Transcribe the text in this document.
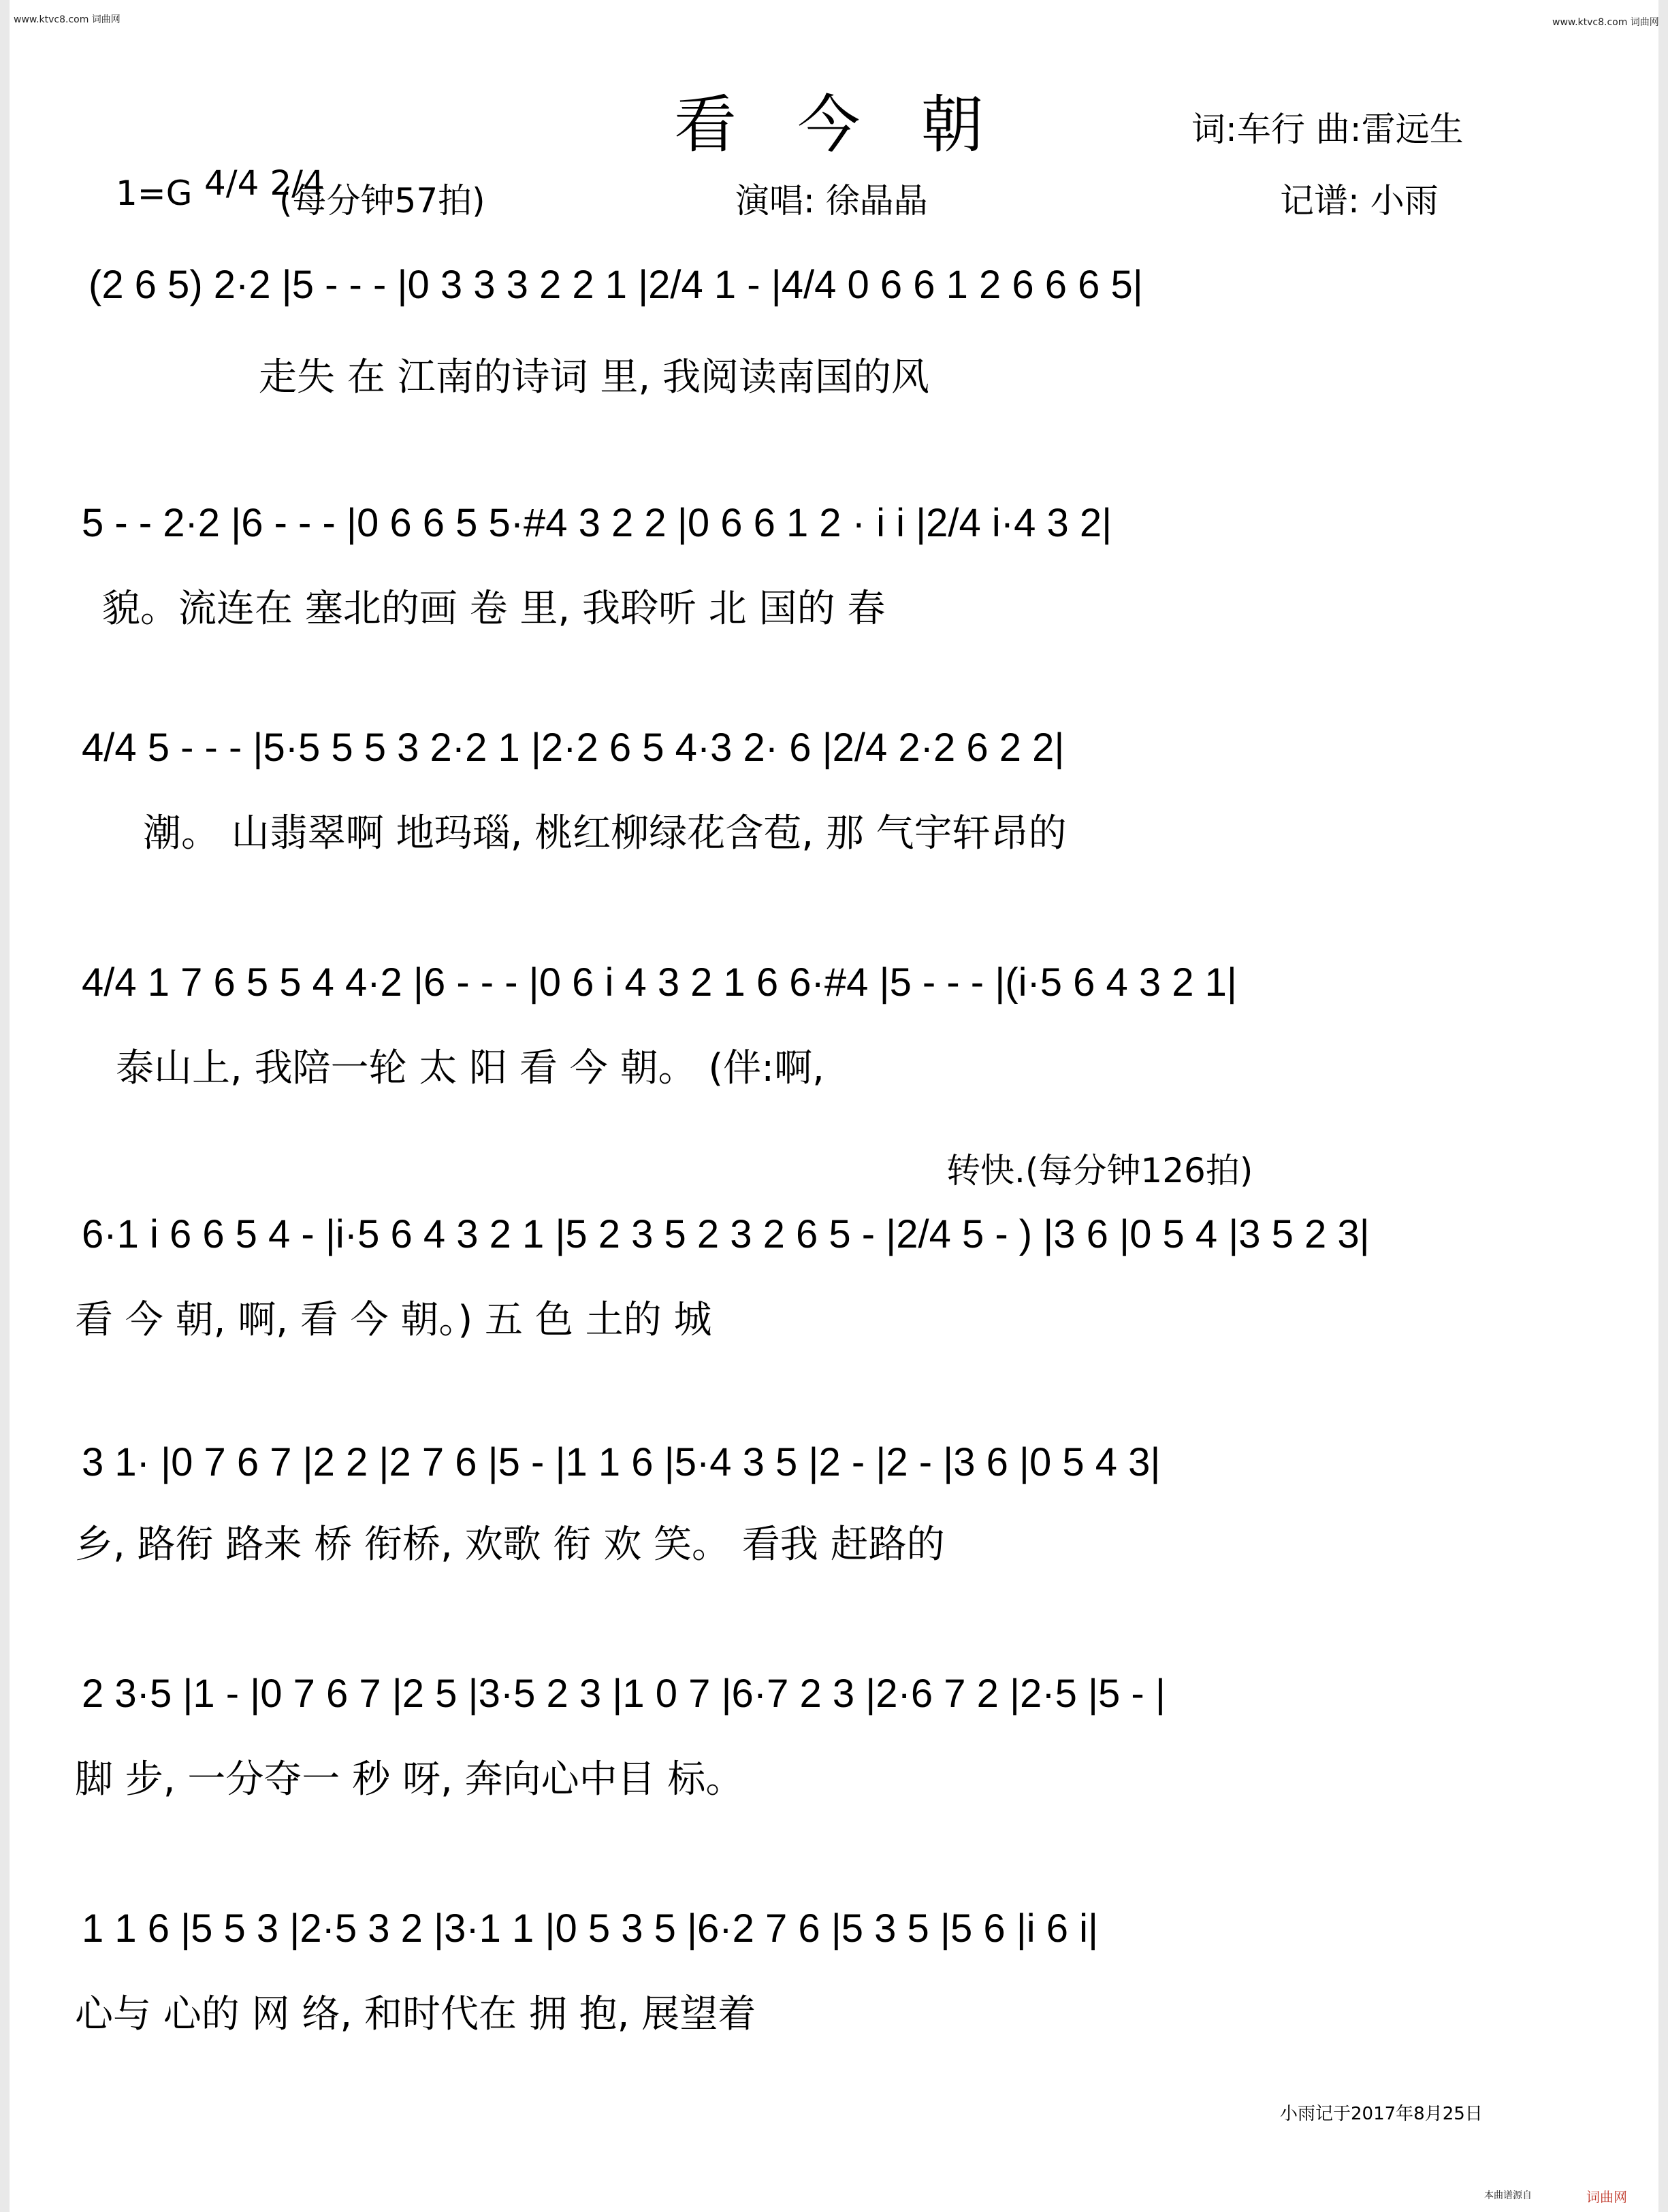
www.ktvc8.com 词曲网	www.ktvc8.com 词曲网
看 今 朝	词:车行 曲:雷远生
1=G 4/4 2/4
(每分钟57拍)	演唱: 徐晶晶	记谱: 小雨
(2 6 5) 2·2 |5 - - - |0 3 3 3 2 2 1 |2/4 1 - |4/4 0 6 6 1 2 6 6 6 5|
走失 在 江南的诗词 里, 我阅读南国的风
5 - - 2·2 |6 - - - |0 6 6 5 5·#4 3 2 2 |0 6 6 1 2 · i i |2/4 i·4 3 2|
貌。流连在 塞北的画 卷 里, 我聆听 北 国的 春
4/4 5 - - - |5·5 5 5 3 2·2 1 |2·2 6 5 4·3 2· 6 |2/4 2·2 6 2 2|
潮。 山翡翠啊 地玛瑙, 桃红柳绿花含苞, 那 气宇轩昂的
4/4 1 7 6 5 5 4 4·2 |6 - - - |0 6 i 4 3 2 1 6 6·#4 |5 - - - |(i·5 6 4 3 2 1|
泰山上, 我陪一轮 太 阳 看 今 朝。 (伴:啊,
转快.(每分钟126拍)
6·1 i 6 6 5 4 - |i·5 6 4 3 2 1 |5 2 3 5 2 3 2 6 5 - |2/4 5 - ) |3 6 |0 5 4 |3 5 2 3|
看 今 朝, 啊, 看 今 朝。) 五 色 土的 城
3 1· |0 7 6 7 |2 2 |2 7 6 |5 - |1 1 6 |5·4 3 5 |2 - |2 - |3 6 |0 5 4 3|
乡, 路衔 路来 桥 衔桥, 欢歌 衔 欢 笑。 看我 赶路的
2 3·5 |1 - |0 7 6 7 |2 5 |3·5 2 3 |1 0 7 |6·7 2 3 |2·6 7 2 |2·5 |5 - |
脚 步, 一分夺一 秒 呀, 奔向心中目 标。
1 1 6 |5 5 3 |2·5 3 2 |3·1 1 |0 5 3 5 |6·2 7 6 |5 3 5 |5 6 |i 6 i|
心与 心的 网 络, 和时代在 拥 抱, 展望着
小雨记于2017年8月25日
本曲谱源自	词曲网
